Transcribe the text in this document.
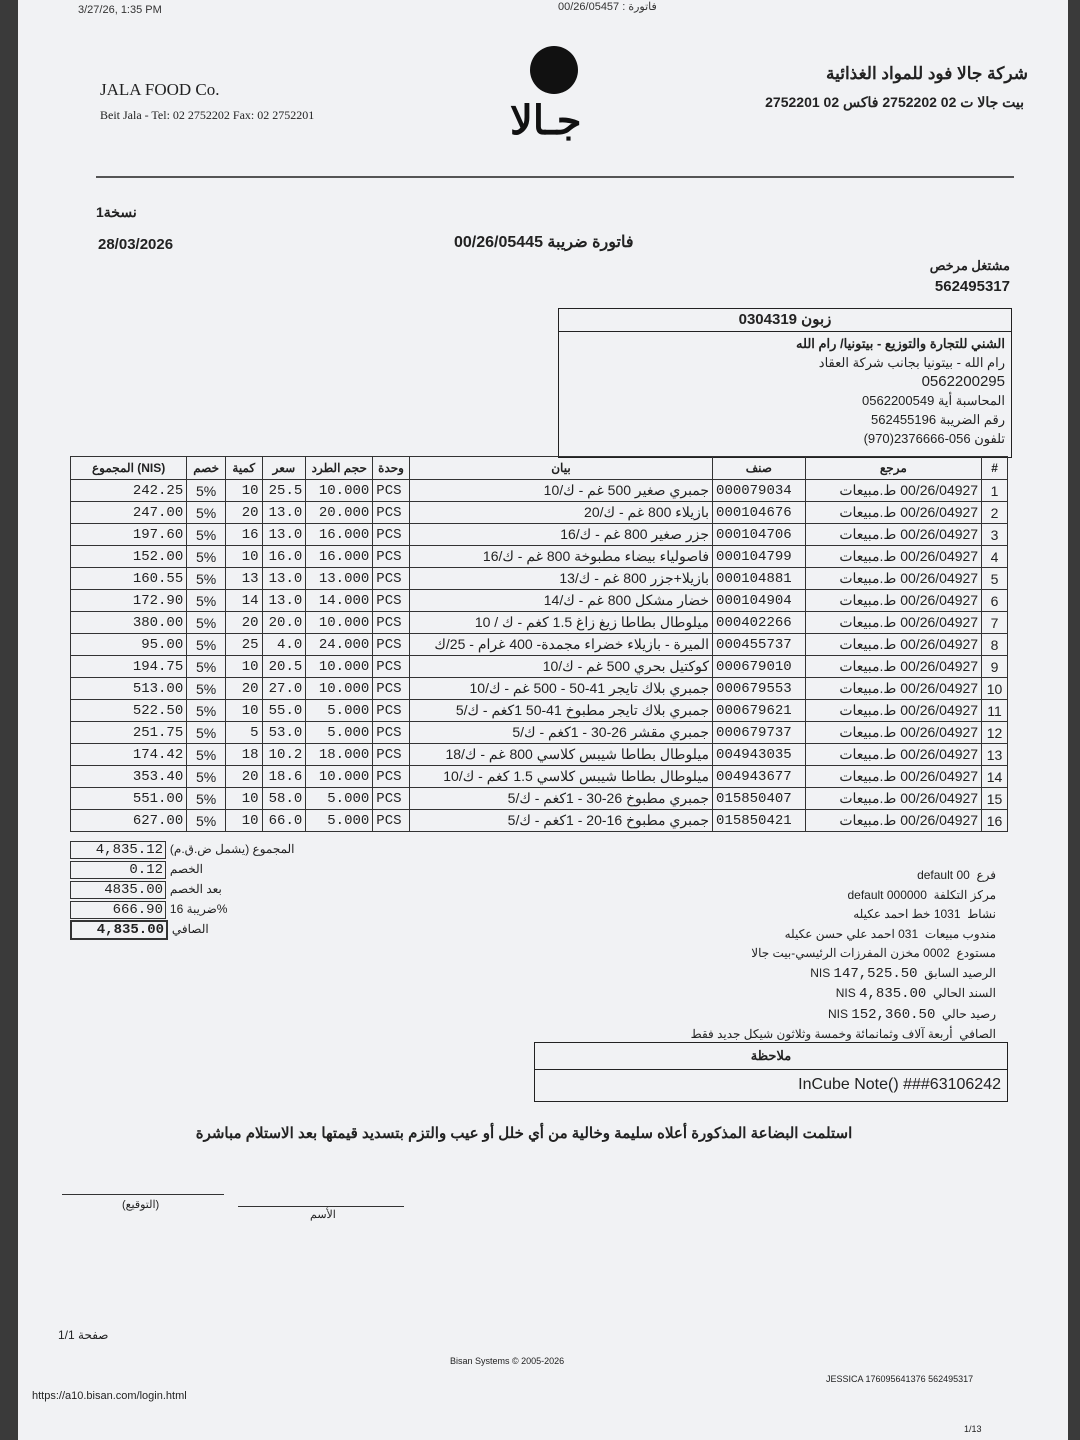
3/27/26, 1:35 PM	فاتورة : 00/26/05457
JALA FOOD Co.
Beit Jala - Tel: 02 2752202 Fax: 02 2752201	جـالا
شركة جالا فود للمواد الغذائية
بيت جالا ت 02 2752202 فاكس 02 2752201
نسخة1
28/03/2026	فاتورة ضريبة 00/26/05445
مشتغل مرخص
562495317
زبون 0304319
الشني للتجارة والتوزيع - بيتونيا/ رام الله
رام الله - بيتونيا بجانب شركة العقاد
0562200295
المحاسبة أية 0562200549
رقم الضريبة 562455196
تلفون 056-2376666(970)
المجموع (NIS)	خصم	كمية	سعر	حجم الطرد	وحدة	بيان	صنف	مرجع	#
242.25	5%	10	25.5	10.000	PCS	جمبري صغير 500 غم - ك/10	000079034	00/26/04927 ط.مبيعات	1
247.00	5%	20	13.0	20.000	PCS	بازيلاء 800 غم - ك/20	000104676	00/26/04927 ط.مبيعات	2
197.60	5%	16	13.0	16.000	PCS	جزر صغير 800 غم - ك/16	000104706	00/26/04927 ط.مبيعات	3
152.00	5%	10	16.0	16.000	PCS	فاصولياء بيضاء مطبوخة 800 غم - ك/16	000104799	00/26/04927 ط.مبيعات	4
160.55	5%	13	13.0	13.000	PCS	بازيلا+جزر 800 غم - ك/13	000104881	00/26/04927 ط.مبيعات	5
172.90	5%	14	13.0	14.000	PCS	خضار مشكل 800 غم - ك/14	000104904	00/26/04927 ط.مبيعات	6
380.00	5%	20	20.0	10.000	PCS	ميلوطال بطاطا زيغ زاغ 1.5 كغم - ك / 10	000402266	00/26/04927 ط.مبيعات	7
95.00	5%	25	4.0	24.000	PCS	الميرة - بازيلاء خضراء مجمدة- 400 غرام - 25/ك	000455737	00/26/04927 ط.مبيعات	8
194.75	5%	10	20.5	10.000	PCS	كوكتيل بحري 500 غم - ك/10	000679010	00/26/04927 ط.مبيعات	9
513.00	5%	20	27.0	10.000	PCS	جمبري بلاك تايجر 41-50 - 500 غم - ك/10	000679553	00/26/04927 ط.مبيعات	10
522.50	5%	10	55.0	5.000	PCS	جمبري بلاك تايجر مطبوخ 41-50 1كغم - ك/5	000679621	00/26/04927 ط.مبيعات	11
251.75	5%	5	53.0	5.000	PCS	جمبري مقشر 26-30 - 1كغم - ك/5	000679737	00/26/04927 ط.مبيعات	12
174.42	5%	18	10.2	18.000	PCS	ميلوطال بطاطا شيبس كلاسي 800 غم - ك/18	004943035	00/26/04927 ط.مبيعات	13
353.40	5%	20	18.6	10.000	PCS	ميلوطال بطاطا شيبس كلاسي 1.5 كغم - ك/10	004943677	00/26/04927 ط.مبيعات	14
551.00	5%	10	58.0	5.000	PCS	جمبري مطبوخ 26-30 - 1كغم - ك/5	015850407	00/26/04927 ط.مبيعات	15
627.00	5%	10	66.0	5.000	PCS	جمبري مطبوخ 16-20 - 1كغم - ك/5	015850421	00/26/04927 ط.مبيعات	16
4,835.12 المجموع (يشمل ض.ق.م)
0.12 الخصم
4835.00 بعد الخصم
666.90 ضريبة 16%
4,835.00 الصافي
فرع  default 00
مركز التكلفة  default 000000
نشاط  1031 خط احمد عكيله
مندوب مبيعات  031 احمد علي حسن عكيله
مستودع  0002 مخزن المفرزات الرئيسي-بيت جالا
الرصيد السابق  NIS 147,525.50
السند الحالي  NIS 4,835.00
رصيد حالي  NIS 152,360.50
الصافي  أربعة آلاف وثمانمائة وخمسة وثلاثون شيكل جديد فقط
ملاحظة
InCube Note() ###63106242
استلمت البضاعة المذكورة أعلاه سليمة وخالية من أي خلل أو عيب والتزم بتسديد قيمتها بعد الاستلام مباشرة
(التوقيع)
الأسم
صفحة 1/1
Bisan Systems © 2005-2026
https://a10.bisan.com/login.html
JESSICA 176095641376 562495317
1/13
